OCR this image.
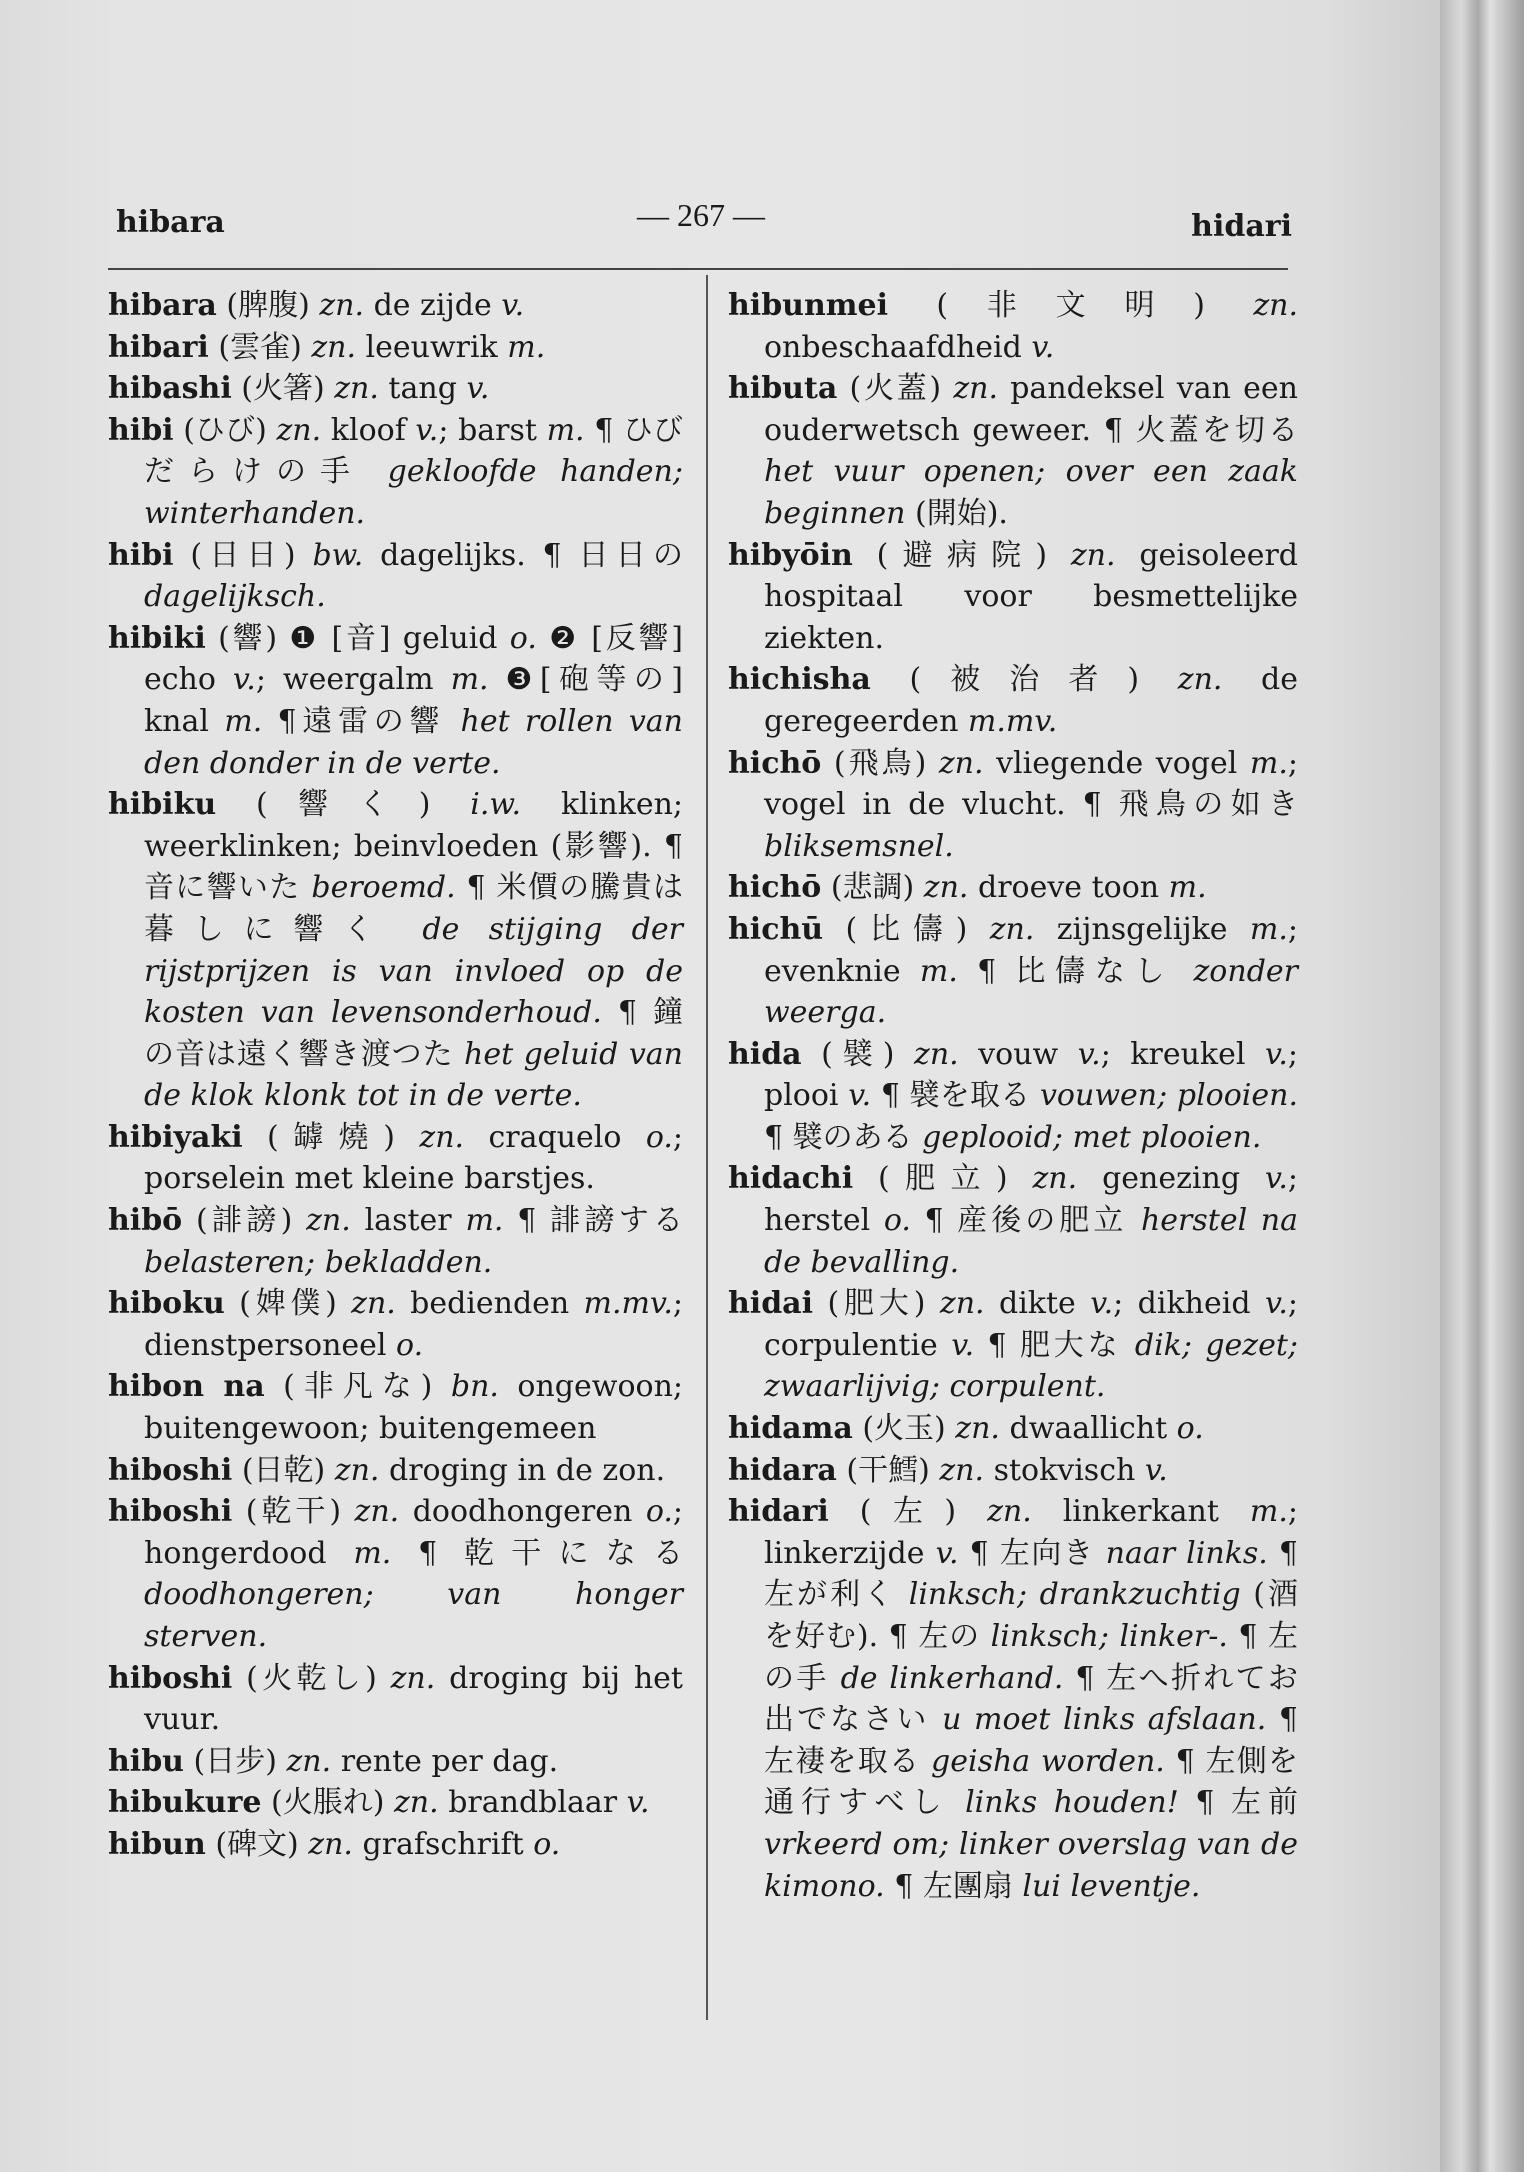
hibara	— 267 —	hidari

hibara (脾腹) zn. de zijde v.

hibari (雲雀) zn. leeuwrik m.

hibashi (火箸) zn. tang v.

hibi (ひび) zn. kloof v.; barst m. ¶ ひびだらけの手 gekloofde handen; winterhanden.

hibi (日日) bw. dagelijks. ¶ 日日の dagelijksch.

hibiki (響) ❶ [音] geluid o. ❷ [反響] echo v.; weergalm m. ❸[砲等の] knal m. ¶遠雷の響 het rollen van den donder in de verte.

hibiku (響く) i.w. klinken; weerklinken; beinvloeden (影響). ¶ 音に響いた beroemd. ¶ 米價の騰貴は暮しに響く de stijging der rijstprijzen is van invloed op de kosten van levensonderhoud. ¶ 鐘の音は遠く響き渡つた het geluid van de klok klonk tot in de verte.

hibiyaki (罅燒) zn. craquelo o.; porselein met kleine barstjes.

hibō (誹謗) zn. laster m. ¶ 誹謗する belasteren; bekladden.

hiboku (婢僕) zn. bedienden m.mv.; dienstpersoneel o.

hibon na (非凡な) bn. ongewoon; buitengewoon; buitengemeen

hiboshi (日乾) zn. droging in de zon.

hiboshi (乾干) zn. doodhongeren o.; hongerdood m. ¶ 乾干になる doodhongeren; van honger sterven.

hiboshi (火乾し) zn. droging bij het vuur.

hibu (日步) zn. rente per dag.

hibukure (火脹れ) zn. brandblaar v.

hibun (碑文) zn. grafschrift o.

hibunmei (非文明) zn. onbeschaafdheid v.

hibuta (火蓋) zn. pandeksel van een ouderwetsch geweer. ¶ 火蓋を切る het vuur openen; over een zaak beginnen (開始).

hibyōin (避病院) zn. geisoleerd hospitaal voor besmettelijke ziekten.

hichisha (被治者) zn. de geregeerden m.mv.

hichō (飛鳥) zn. vliegende vogel m.; vogel in de vlucht. ¶ 飛鳥の如き bliksemsnel.

hichō (悲調) zn. droeve toon m.

hichū (比儔) zn. zijnsgelijke m.; evenknie m. ¶ 比儔なし zonder weerga.

hida (襞) zn. vouw v.; kreukel v.; plooi v. ¶ 襞を取る vouwen; plooien. ¶ 襞のある geplooid; met plooien.

hidachi (肥立) zn. genezing v.; herstel o. ¶ 産後の肥立 herstel na de bevalling.

hidai (肥大) zn. dikte v.; dikheid v.; corpulentie v. ¶ 肥大な dik; gezet; zwaarlijvig; corpulent.

hidama (火玉) zn. dwaallicht o.

hidara (干鱈) zn. stokvisch v.

hidari (左) zn. linkerkant m.; linkerzijde v. ¶ 左向き naar links. ¶ 左が利く linksch; drankzuchtig (酒を好む). ¶ 左の linksch; linker-. ¶ 左の手 de linkerhand. ¶ 左へ折れてお出でなさい u moet links afslaan. ¶ 左褄を取る geisha worden. ¶ 左側を通行すべし links houden! ¶ 左前 vrkeerd om; linker overslag van de kimono. ¶ 左團扇 lui leventje.
